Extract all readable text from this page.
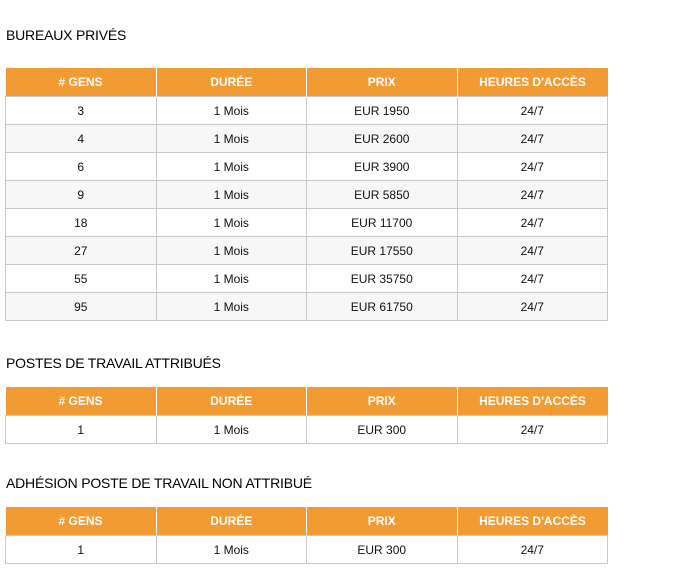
BUREAUX PRIVÉS
# GENS	DURÉE	PRIX	HEURES D'ACCÈS
3	1 Mois	EUR 1950	24/7
4	1 Mois	EUR 2600	24/7
6	1 Mois	EUR 3900	24/7
9	1 Mois	EUR 5850	24/7
18	1 Mois	EUR 11700	24/7
27	1 Mois	EUR 17550	24/7
55	1 Mois	EUR 35750	24/7
95	1 Mois	EUR 61750	24/7
POSTES DE TRAVAIL ATTRIBUÉS
# GENS	DURÉE	PRIX	HEURES D'ACCÈS
1	1 Mois	EUR 300	24/7
ADHÉSION POSTE DE TRAVAIL NON ATTRIBUÉ
# GENS	DURÉE	PRIX	HEURES D'ACCÈS
1	1 Mois	EUR 300	24/7
